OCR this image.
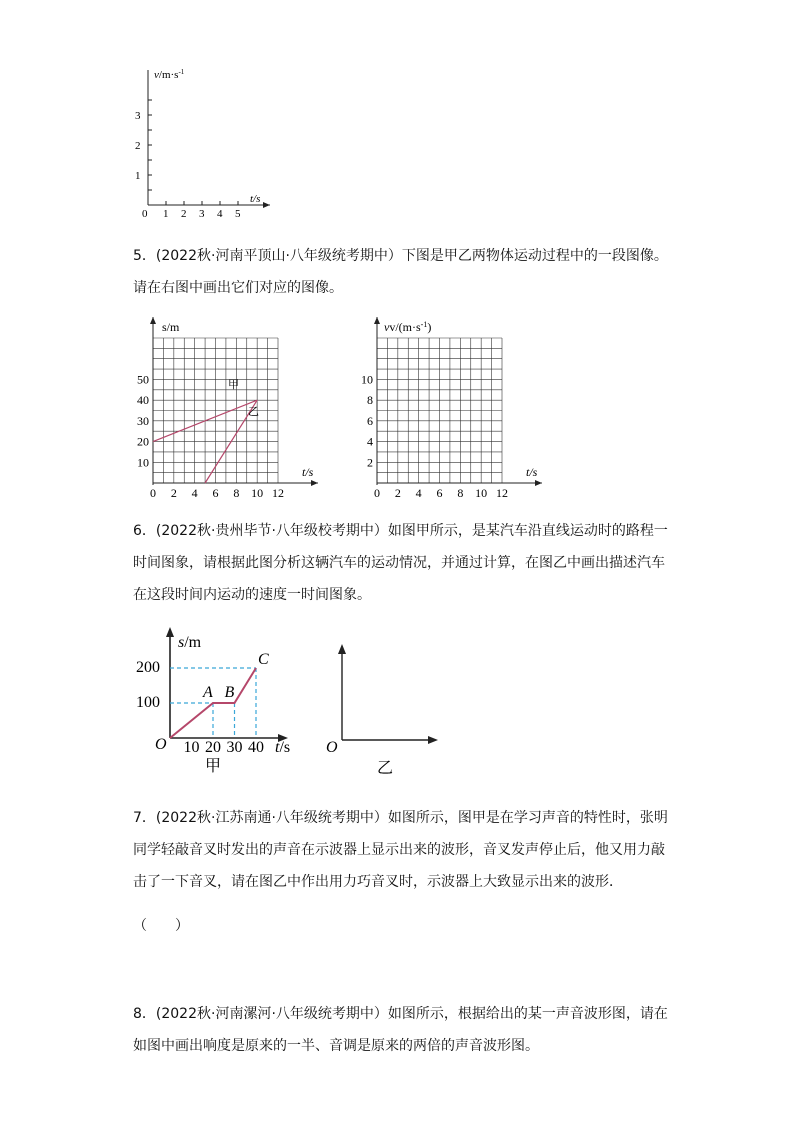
$v/m\cdot s^{-1}$
1
2
3
0 1 2 3 4 5
t/s
5．(2022秋·河南平顶山·八年级统考期中）下图是甲乙两物体运动过程中的一段图像。
请在右图中画出它们对应的图像。
s/m
t/s
10
20
30
40
50
0 2 4 6 8 10 12
甲
乙
$vv/(m\cdot s^{-1})$
t/s
2
4
6
8
10
0 2 4 6 8 10 12
6．(2022秋·贵州毕节·八年级校考期中）如图甲所示，是某汽车沿直线运动时的路程一
时间图象，请根据此图分析这辆汽车的运动情况，并通过计算，在图乙中画出描述汽车
在这段时间内运动的速度一时间图象。
s/m
O
100
200
10 20 30 40 t/s
A B
C
甲
O
乙
7．(2022秋·江苏南通·八年级统考期中）如图所示，图甲是在学习声音的特性时，张明
同学轻敲音叉时发出的声音在示波器上显示出来的波形，音叉发声停止后，他又用力敲
击了一下音叉，请在图乙中作出用力巧音叉时，示波器上大致显示出来的波形．
（　　）
8．(2022秋·河南漯河·八年级统考期中）如图所示，根据给出的某一声音波形图，请在
如图中画出响度是原来的一半、音调是原来的两倍的声音波形图。
